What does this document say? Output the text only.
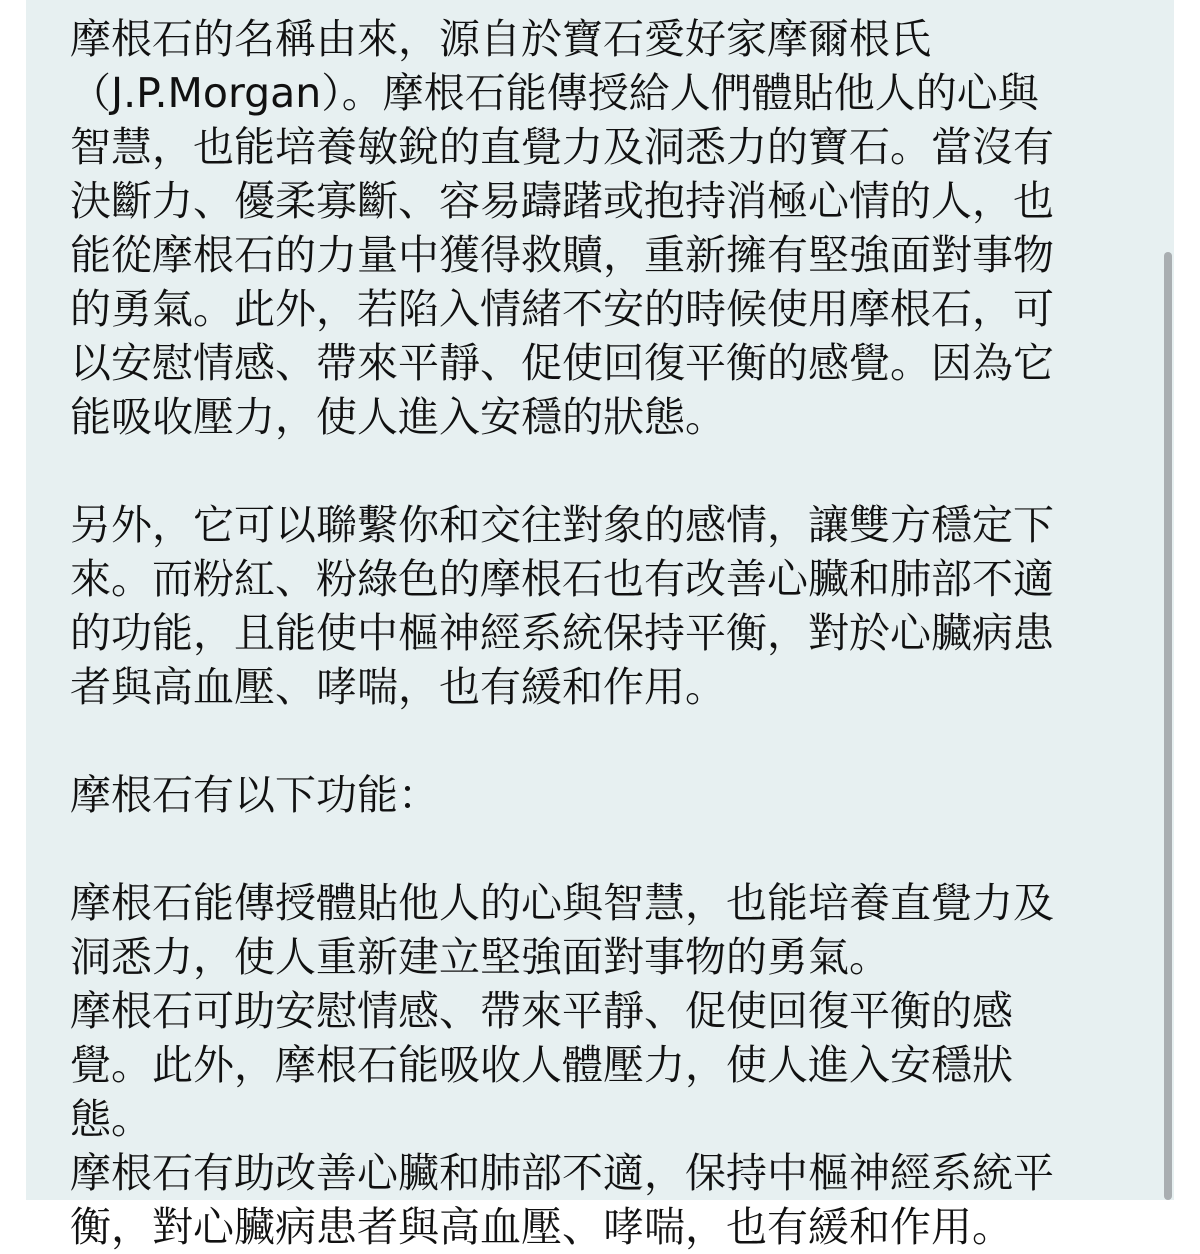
摩根石的名稱由來，源自於寶石愛好家摩爾根氏
（J.P.Morgan）。摩根石能傳授給人們體貼他人的心與
智慧，也能培養敏銳的直覺力及洞悉力的寶石。當沒有
決斷力、優柔寡斷、容易躊躇或抱持消極心情的人，也
能從摩根石的力量中獲得救贖，重新擁有堅強面對事物
的勇氣。此外，若陷入情緒不安的時候使用摩根石，可
以安慰情感、帶來平靜、促使回復平衡的感覺。因為它
能吸收壓力，使人進入安穩的狀態。
另外，它可以聯繫你和交往對象的感情，讓雙方穩定下
來。而粉紅、粉綠色的摩根石也有改善心臟和肺部不適
的功能，且能使中樞神經系統保持平衡，對於心臟病患
者與高血壓、哮喘，也有緩和作用。
摩根石有以下功能：
摩根石能傳授體貼他人的心與智慧，也能培養直覺力及
洞悉力，使人重新建立堅強面對事物的勇氣。
摩根石可助安慰情感、帶來平靜、促使回復平衡的感
覺。此外，摩根石能吸收人體壓力，使人進入安穩狀
態。
摩根石有助改善心臟和肺部不適，保持中樞神經系統平
衡，對心臟病患者與高血壓、哮喘，也有緩和作用。
